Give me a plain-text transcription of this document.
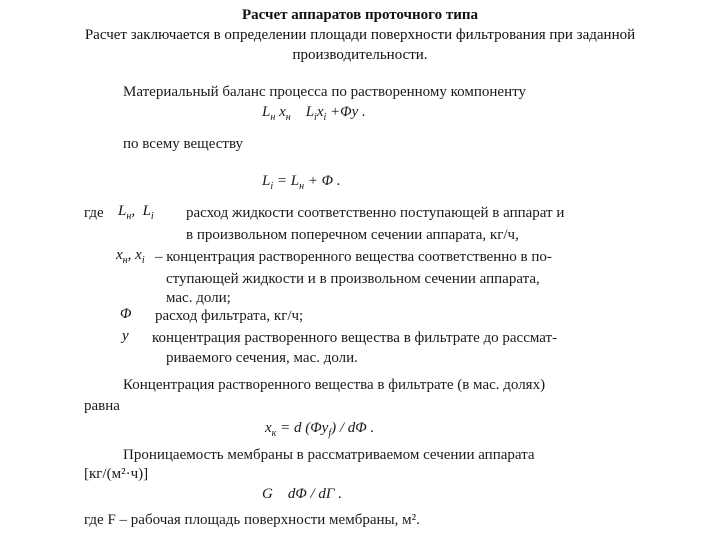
Расчет аппаратов проточного типа
Расчет заключается в определении площади поверхности фильтрования при заданной производительности.
Материальный баланс процесса по растворенному компоненту
$L_н$ $x_н$ $L_ix_i +\Phi y$ .
по всему веществу
$L_i = L_н + \Phi$ .
где $L_н$, $L_i$ расход жидкости соответственно поступающей в аппарат и
в произвольном поперечном сечении аппарата, кг/ч,
$x_н$, $x_i$ – концентрация растворенного вещества соответственно в по-
ступающей жидкости и в произвольном сечении аппарата,
мас. доли;
Φ расход фильтрата, кг/ч;
y концентрация растворенного вещества в фильтрате до рассмат-
риваемого сечения, мас. доли.
Концентрация растворенного вещества в фильтрате (в мас. долях)
равна
$x_к = d$ $(\Phi y_f)$ / dΦ .
Проницаемость мембраны в рассматриваемом сечении аппарата
[кг/(м²·ч)]
G    dΦ / dГ .
где F – рабочая площадь поверхности мембраны, м².
